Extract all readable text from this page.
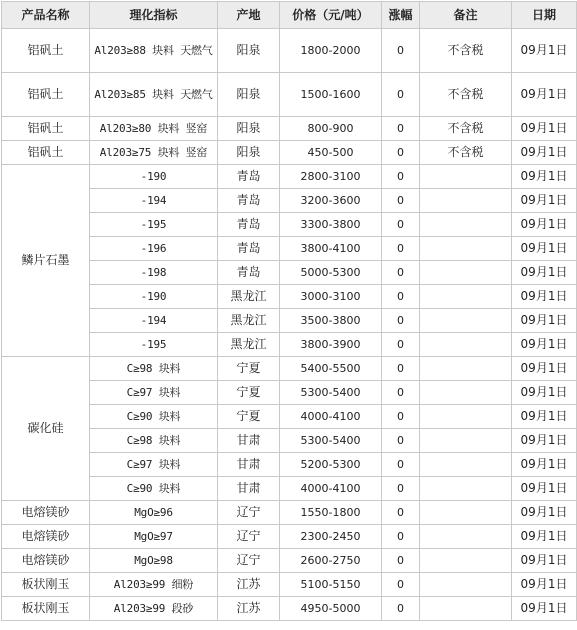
产品名称	理化指标	产地	价格（元/吨）	涨幅	备注	日期
铝矾土	Al203≥88 块料 天燃气	阳泉	1800-2000	0	不含税	09月1日
铝矾土	Al203≥85 块料 天燃气	阳泉	1500-1600	0	不含税	09月1日
铝矾土	Al203≥80 块料 竖窑	阳泉	800-900	0	不含税	09月1日
铝矾土	Al203≥75 块料 竖窑	阳泉	450-500	0	不含税	09月1日
鳞片石墨	-190	青岛	2800-3100	0		09月1日
	-194	青岛	3200-3600	0		09月1日
	-195	青岛	3300-3800	0		09月1日
	-196	青岛	3800-4100	0		09月1日
	-198	青岛	5000-5300	0		09月1日
	-190	黑龙江	3000-3100	0		09月1日
	-194	黑龙江	3500-3800	0		09月1日
	-195	黑龙江	3800-3900	0		09月1日
碳化硅	C≥98 块料	宁夏	5400-5500	0		09月1日
	C≥97 块料	宁夏	5300-5400	0		09月1日
	C≥90 块料	宁夏	4000-4100	0		09月1日
	C≥98 块料	甘肃	5300-5400	0		09月1日
	C≥97 块料	甘肃	5200-5300	0		09月1日
	C≥90 块料	甘肃	4000-4100	0		09月1日
电熔镁砂	MgO≥96	辽宁	1550-1800	0		09月1日
电熔镁砂	MgO≥97	辽宁	2300-2450	0		09月1日
电熔镁砂	MgO≥98	辽宁	2600-2750	0		09月1日
板状刚玉	Al203≥99 细粉	江苏	5100-5150	0		09月1日
板状刚玉	Al203≥99 段砂	江苏	4950-5000	0		09月1日
